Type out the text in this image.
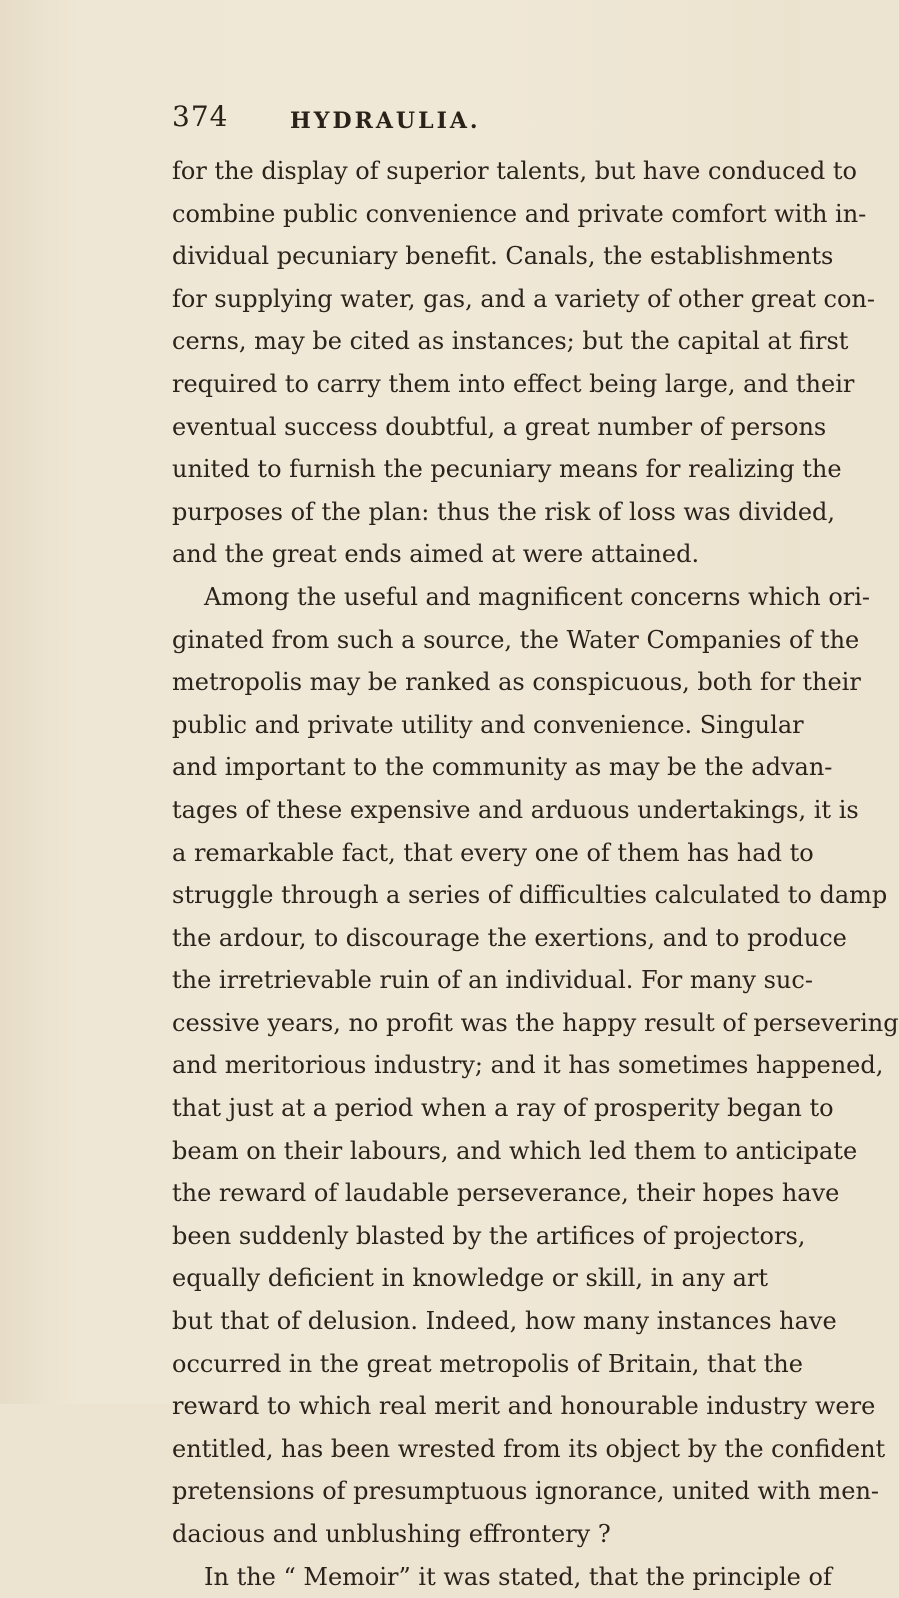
374	HYDRAULIA.
for the display of superior talents, but have conduced to
combine public convenience and private comfort with in-
dividual pecuniary benefit. Canals, the establishments
for supplying water, gas, and a variety of other great con-
cerns, may be cited as instances; but the capital at first
required to carry them into effect being large, and their
eventual success doubtful, a great number of persons
united to furnish the pecuniary means for realizing the
purposes of the plan: thus the risk of loss was divided,
and the great ends aimed at were attained.
Among the useful and magnificent concerns which ori-
ginated from such a source, the Water Companies of the
metropolis may be ranked as conspicuous, both for their
public and private utility and convenience. Singular
and important to the community as may be the advan-
tages of these expensive and arduous undertakings, it is
a remarkable fact, that every one of them has had to
struggle through a series of difficulties calculated to damp
the ardour, to discourage the exertions, and to produce
the irretrievable ruin of an individual. For many suc-
cessive years, no profit was the happy result of persevering
and meritorious industry; and it has sometimes happened,
that just at a period when a ray of prosperity began to
beam on their labours, and which led them to anticipate
the reward of laudable perseverance, their hopes have
been suddenly blasted by the artifices of projectors,
equally deficient in knowledge or skill, in any art
but that of delusion. Indeed, how many instances have
occurred in the great metropolis of Britain, that the
reward to which real merit and honourable industry were
entitled, has been wrested from its object by the confident
pretensions of presumptuous ignorance, united with men-
dacious and unblushing effrontery ?
In the “ Memoir” it was stated, that the principle of
